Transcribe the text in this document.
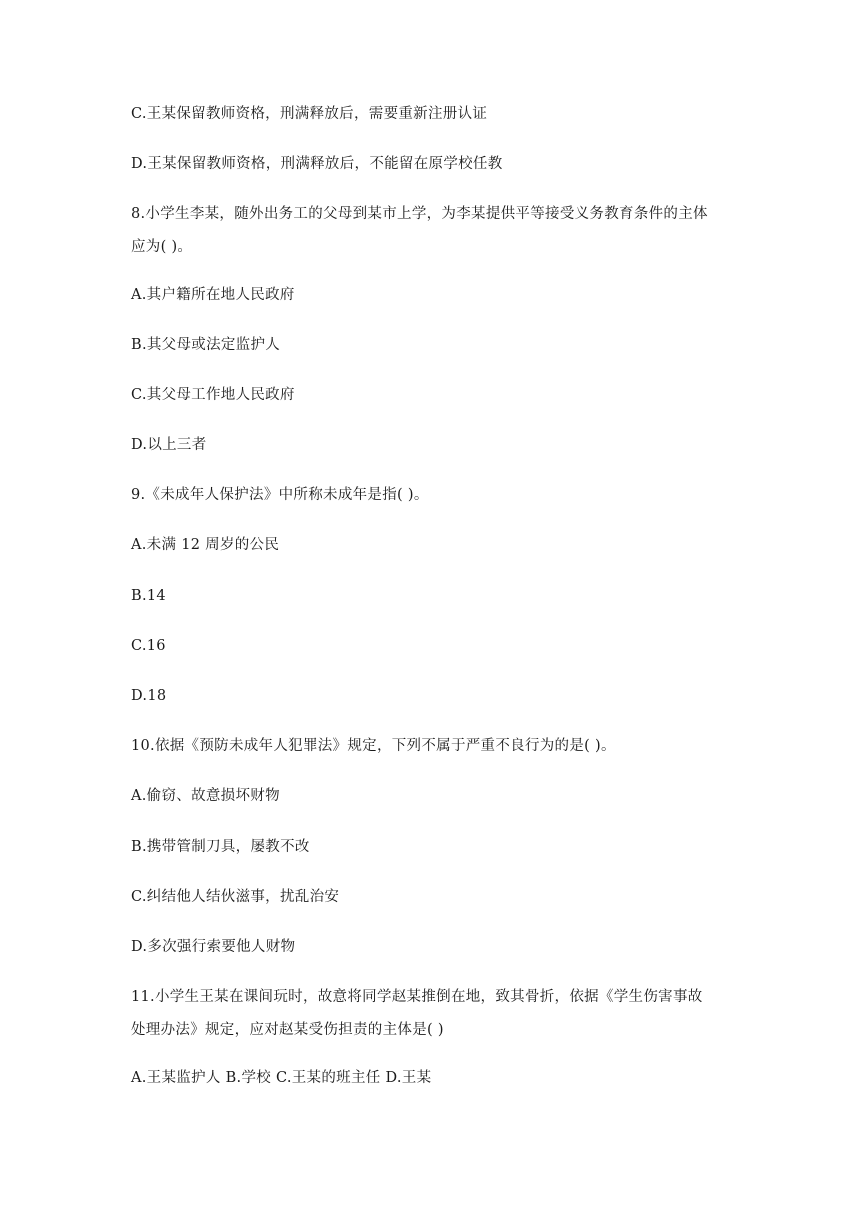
C.王某保留教师资格，刑满释放后，需要重新注册认证
D.王某保留教师资格，刑满释放后，不能留在原学校任教
8.小学生李某，随外出务工的父母到某市上学，为李某提供平等接受义务教育条件的主体
应为( )。
A.其户籍所在地人民政府
B.其父母或法定监护人
C.其父母工作地人民政府
D.以上三者
9.《未成年人保护法》中所称未成年是指( )。
A.未满 12 周岁的公民
B.14
C.16
D.18
10.依据《预防未成年人犯罪法》规定，下列不属于严重不良行为的是( )。
A.偷窃、故意损坏财物
B.携带管制刀具，屡教不改
C.纠结他人结伙滋事，扰乱治安
D.多次强行索要他人财物
11.小学生王某在课间玩时，故意将同学赵某推倒在地，致其骨折，依据《学生伤害事故
处理办法》规定，应对赵某受伤担责的主体是( )
A.王某监护人 B.学校 C.王某的班主任 D.王某
